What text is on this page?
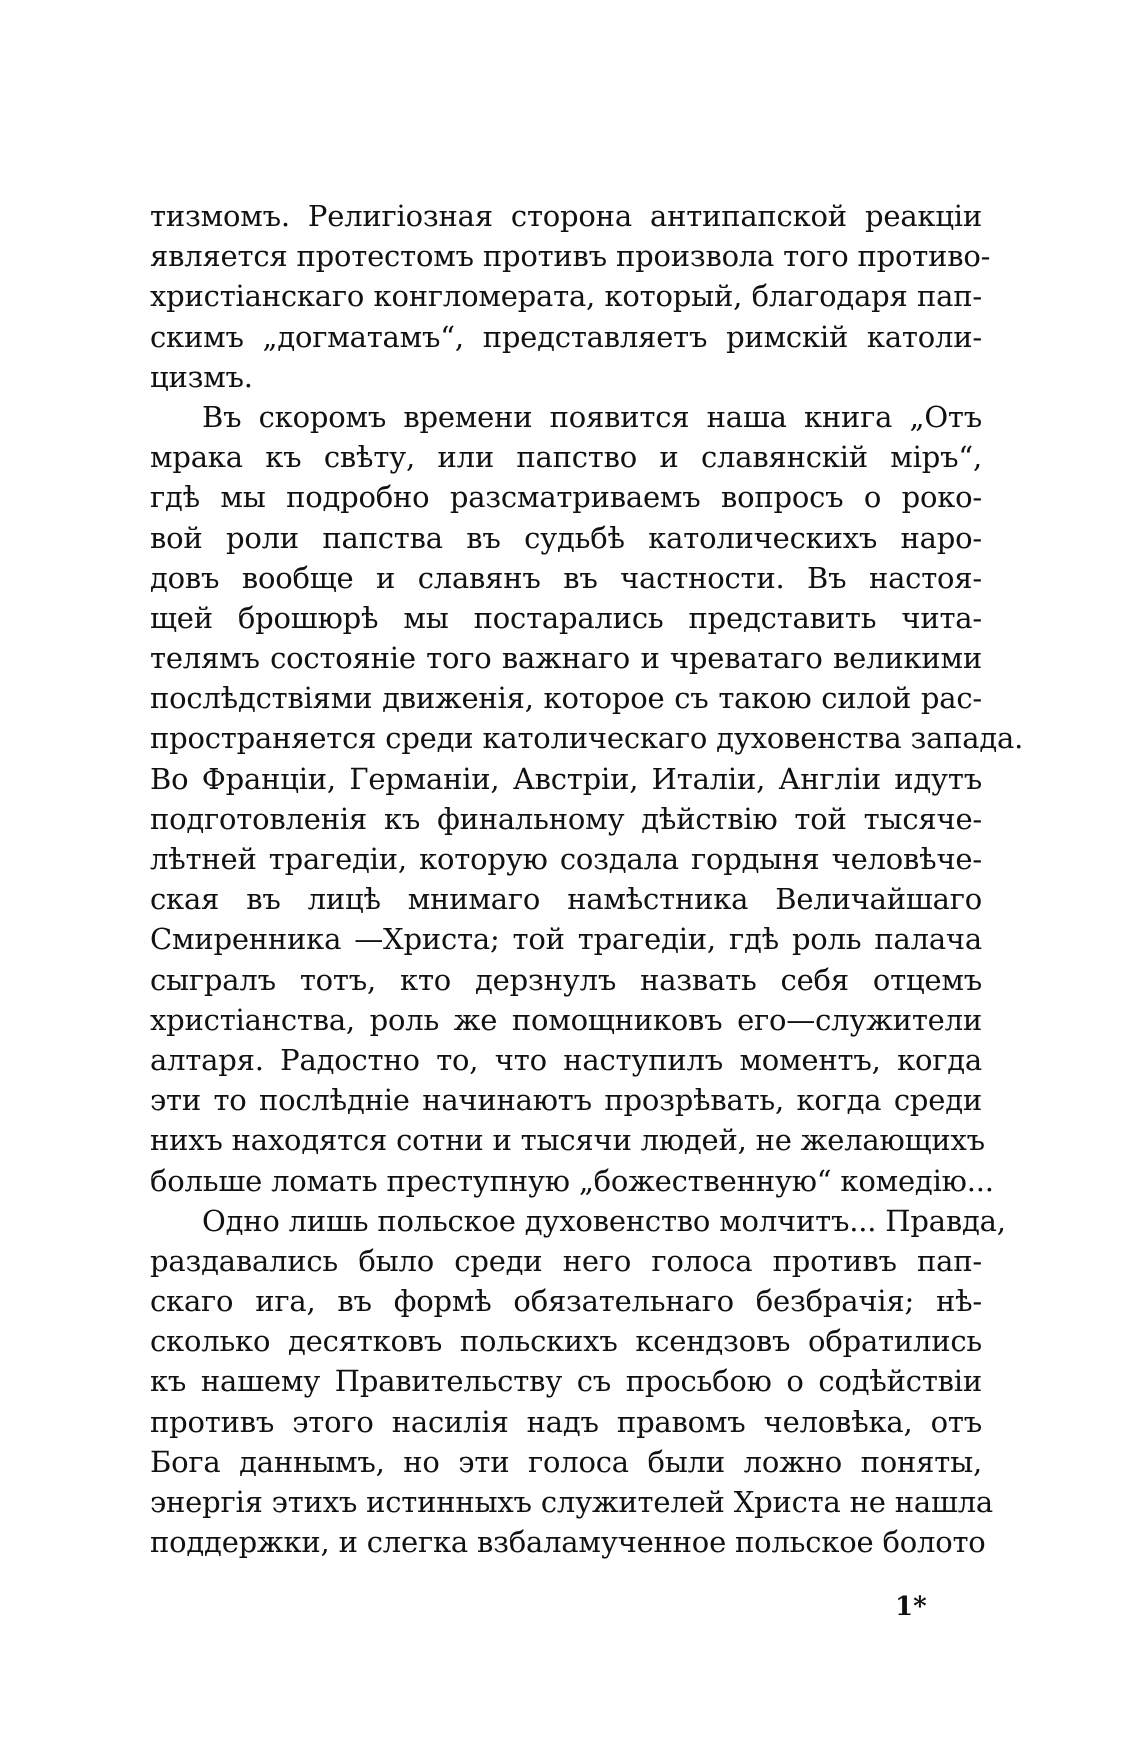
тизмомъ. Религіозная сторона антипапской реакціи
является протестомъ противъ произвола того противо-
христіанскаго конгломерата, который, благодаря пап-
скимъ „догматамъ“, представляетъ римскій католи-
цизмъ.
Въ скоромъ времени появится наша книга „Отъ
мрака къ свѣту, или папство и славянскій міръ“,
гдѣ мы подробно разсматриваемъ вопросъ о роко-
вой роли папства въ судьбѣ католическихъ наро-
довъ вообще и славянъ въ частности. Въ настоя-
щей брошюрѣ мы постарались представить чита-
телямъ состояніе того важнаго и чреватаго великими
послѣдствіями движенія, которое съ такою силой рас-
пространяется среди католическаго духовенства запада.
Во Франціи, Германіи, Австріи, Италіи, Англіи идутъ
подготовленія къ финальному дѣйствію той тысяче-
лѣтней трагедіи, которую создала гордыня человѣче-
ская въ лицѣ мнимаго намѣстника Величайшаго
Смиренника —Христа; той трагедіи, гдѣ роль палача
сыгралъ тотъ, кто дерзнулъ назвать себя отцемъ
христіанства, роль же помощниковъ его—служители
алтаря. Радостно то, что наступилъ моментъ, когда
эти то послѣдніе начинаютъ прозрѣвать, когда среди
нихъ находятся сотни и тысячи людей, не желающихъ
больше ломать преступную „божественную“ комедію...
Одно лишь польское духовенство молчитъ... Правда,
раздавались было среди него голоса противъ пап-
скаго ига, въ формѣ обязательнаго безбрачія; нѣ-
сколько десятковъ польскихъ ксендзовъ обратились
къ нашему Правительству съ просьбою о содѣйствіи
противъ этого насилія надъ правомъ человѣка, отъ
Бога даннымъ, но эти голоса были ложно поняты,
энергія этихъ истинныхъ служителей Христа не нашла
поддержки, и слегка взбаламученное польское болото
1*
